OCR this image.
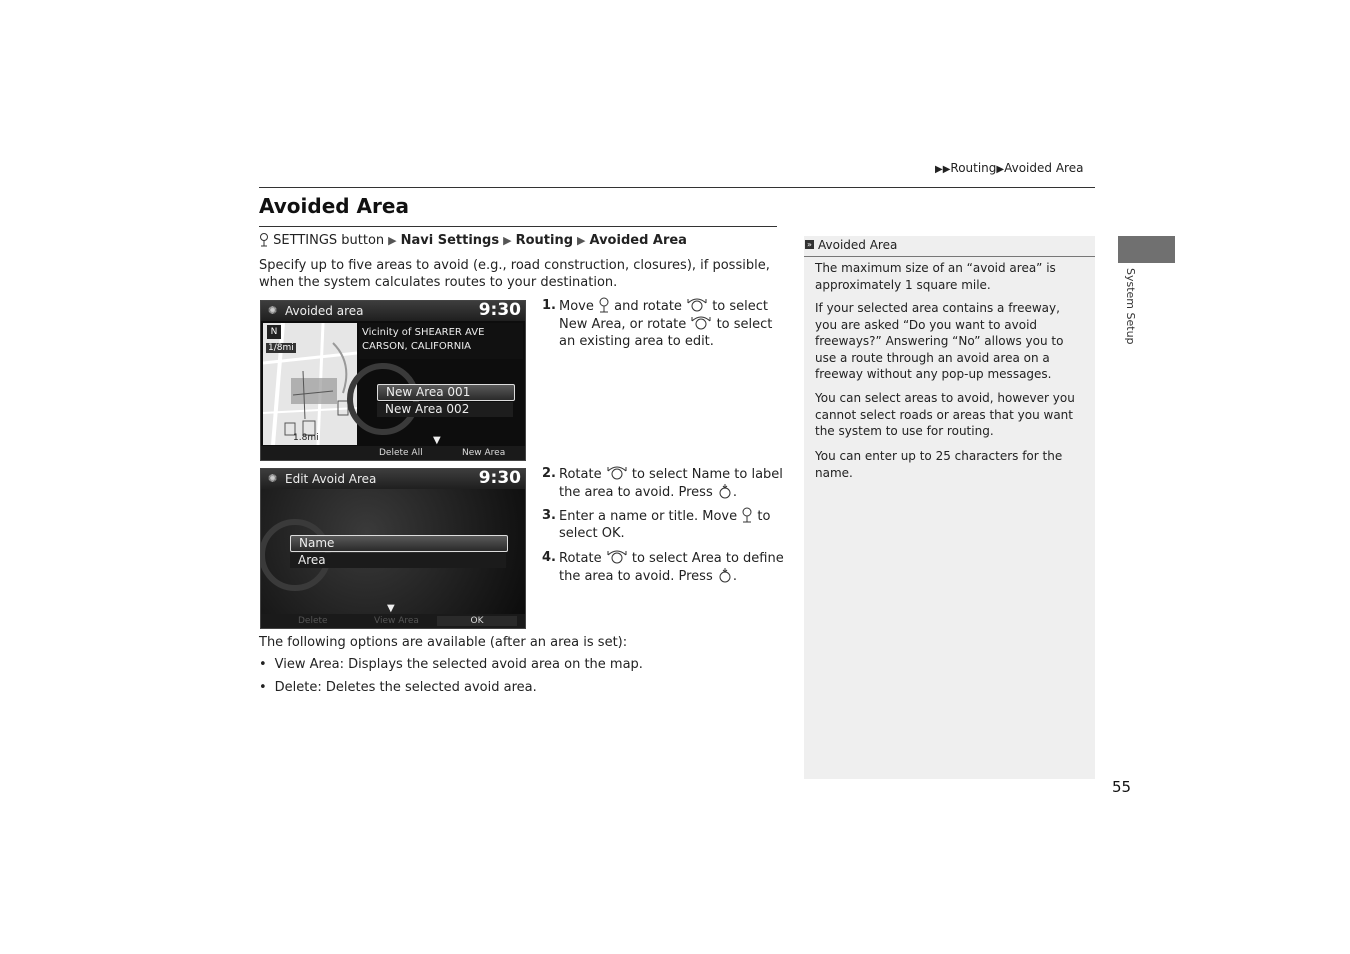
▶▶Routing▶Avoided Area
Avoided Area
SETTINGS button ▶ Navi Settings ▶ Routing ▶ Avoided Area
Specify up to five areas to avoid (e.g., road construction, closures), if possible, when the system calculates routes to your destination.
✺ Avoided area	9:30
N
1/8mi
1.8mi
Vicinity of SHEARER AVE
CARSON, CALIFORNIA
New Area 001
New Area 002
▼
Delete All	New Area
✺ Edit Avoid Area	9:30
Name
Area
▼
Delete	View Area	OK
1. Move and rotate to select New Area, or rotate to select an existing area to edit.
2. Rotate to select Name to label the area to avoid. Press .
3. Enter a name or title. Move to select OK.
4. Rotate to select Area to define the area to avoid. Press .
The following options are available (after an area is set):
• View Area: Displays the selected avoid area on the map.
• Delete: Deletes the selected avoid area.
» Avoided Area
The maximum size of an “avoid area” is approximately 1 square mile.
If your selected area contains a freeway, you are asked “Do you want to avoid freeways?” Answering “No” allows you to use a route through an avoid area on a freeway without any pop-up messages.
You can select areas to avoid, however you cannot select roads or areas that you want the system to use for routing.
You can enter up to 25 characters for the name.
System Setup
55
